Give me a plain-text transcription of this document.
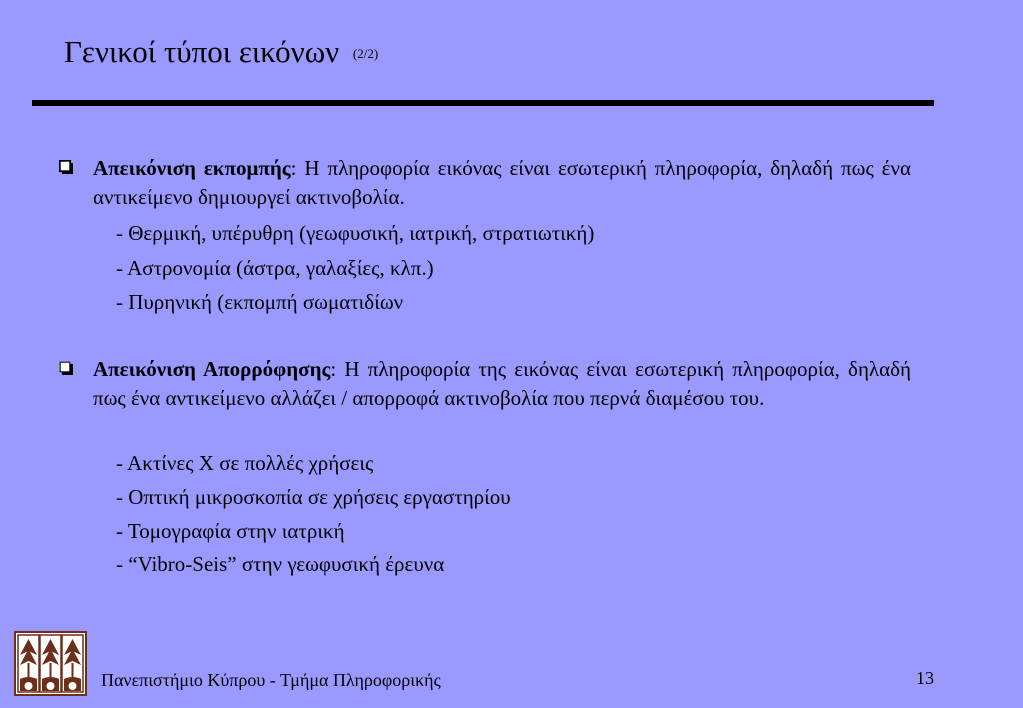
Γενικοί τύποι εικόνων $^{(2/2)}$
Απεικόνιση εκπομπής: Η πληροφορία εικόνας είναι εσωτερική πληροφορία, δηλαδή πως ένα αντικείμενο δημιουργεί ακτινοβολία.
- Θερμική, υπέρυθρη (γεωφυσική, ιατρική, στρατιωτική)
- Αστρονομία (άστρα, γαλαξίες, κλπ.)
- Πυρηνική (εκπομπή σωματιδίων
Απεικόνιση Απορρόφησης: Η πληροφορία της εικόνας είναι εσωτερική πληροφορία, δηλαδή πως ένα αντικείμενο αλλάζει / απορροφά ακτινοβολία που περνά διαμέσου του.
- Ακτίνες Χ σε πολλές χρήσεις
- Οπτική μικροσκοπία σε χρήσεις εργαστηρίου
- Τομογραφία στην ιατρική
- “Vibro-Seis” στην γεωφυσική έρευνα
Πανεπιστήμιο Κύπρου - Τμήμα Πληροφορικής	13
